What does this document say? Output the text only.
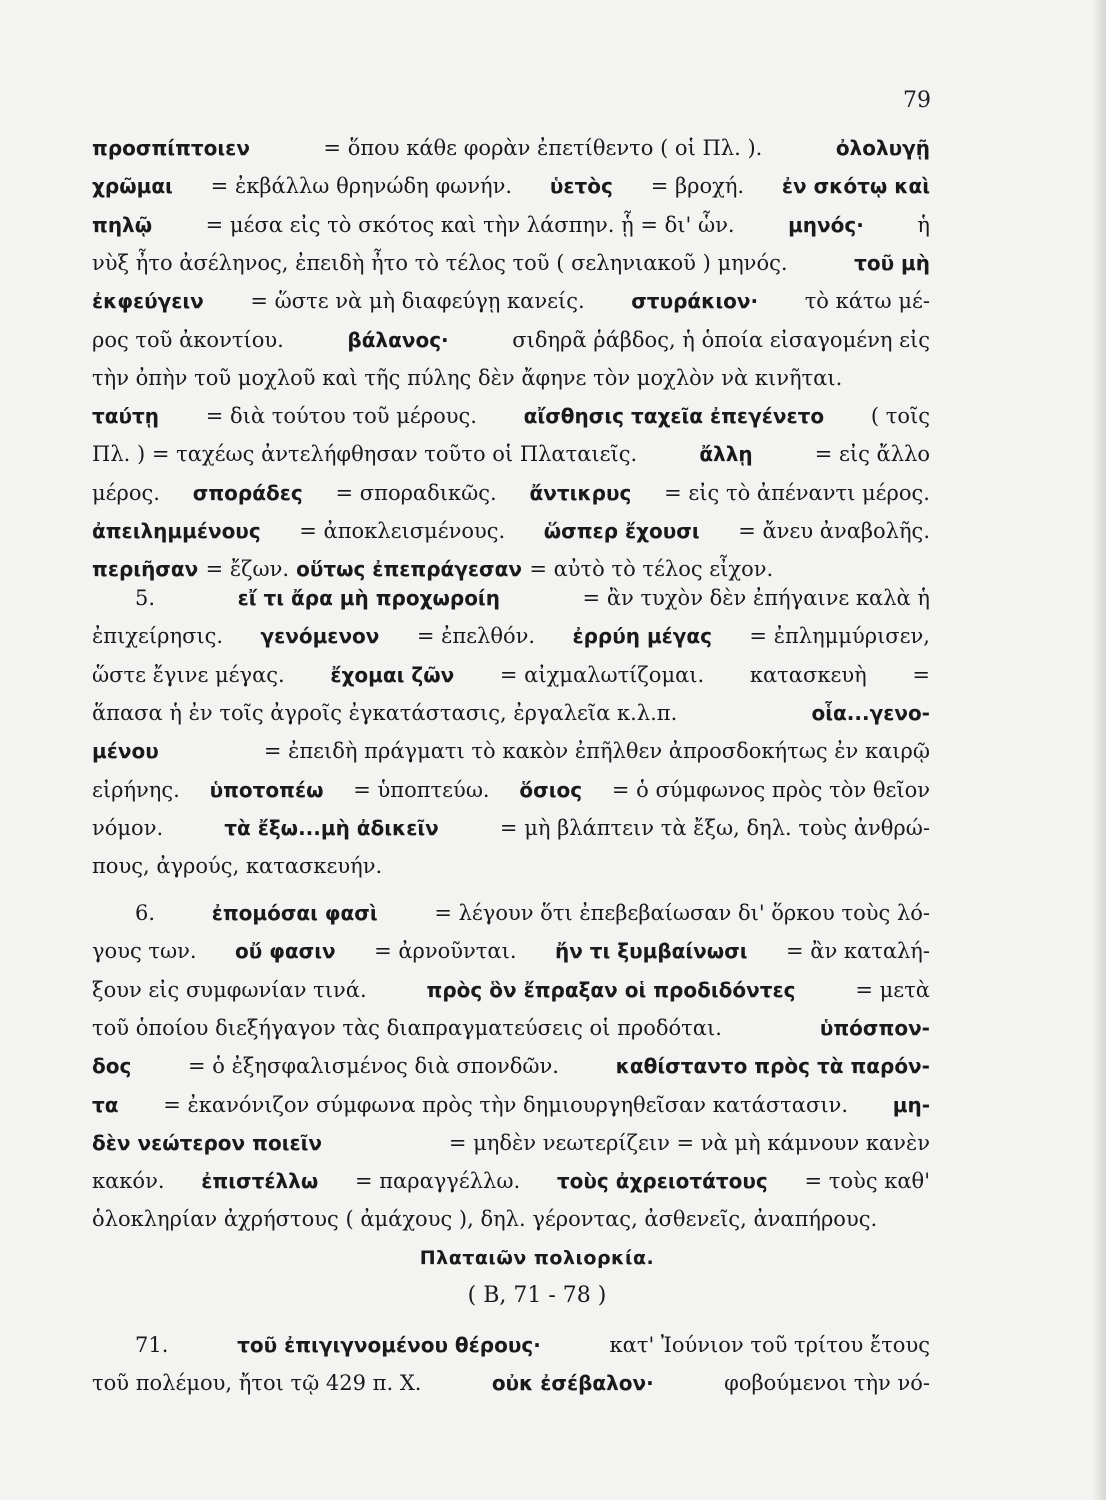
79
προσπίπτοιεν	= ὅπου κάθε φορὰν ἐπετίθεντο ( οἱ Πλ. ).	ὀλολυγῇ
χρῶμαι = ἐκβάλλω θρηνώδη φωνήν. ὑετὸς = βροχή. ἐν σκότῳ καὶ
πηλῷ	= μέσα εἰς τὸ σκότος καὶ τὴν λάσπην. ᾗ = δι' ὧν.	μηνός·	ἡ
νὺξ ἦτο ἀσέληνος, ἐπειδὴ ἦτο τὸ τέλος τοῦ ( σεληνιακοῦ ) μηνός.	τοῦ μὴ
ἐκφεύγειν = ὥστε νὰ μὴ διαφεύγῃ κανείς. στυράκιον· τὸ κάτω μέ-
ρος τοῦ ἀκοντίου.	βάλανος·	σιδηρᾶ ῥάβδος, ἡ ὁποία εἰσαγομένη εἰς
τὴν ὀπὴν τοῦ μοχλοῦ καὶ τῆς πύλης δὲν ἄφηνε τὸν μοχλὸν νὰ κινῆται.
ταύτῃ = διὰ τούτου τοῦ μέρους. αἴσθησις ταχεῖα ἐπεγένετο ( τοῖς
Πλ. ) = ταχέως ἀντελήφθησαν τοῦτο οἱ Πλαταιεῖς.	ἄλλῃ	= εἰς ἄλλο
μέρος. σποράδες = σποραδικῶς. ἄντικρυς = εἰς τὸ ἀπέναντι μέρος.
ἀπειλημμένους = ἀποκλεισμένους. ὥσπερ ἔχουσι = ἄνευ ἀναβολῆς.
περιῆσαν = ἔζων. οὕτως ἐπεπράγεσαν = αὐτὸ τὸ τέλος εἶχον.
5.	εἴ τι ἄρα μὴ προχωροίη	= ἂν τυχὸν δὲν ἐπήγαινε καλὰ ἡ
ἐπιχείρησις. γενόμενον = ἐπελθόν. ἐρρύη μέγας = ἐπλημμύρισεν,
ὥστε ἔγινε μέγας. ἔχομαι ζῶν = αἰχμαλωτίζομαι. κατασκευὴ =
ἅπασα ἡ ἐν τοῖς ἀγροῖς ἐγκατάστασις, ἐργαλεῖα κ.λ.π.	οἷα...γενο-
μένου	= ἐπειδὴ πράγματι τὸ κακὸν ἐπῆλθεν ἀπροσδοκήτως ἐν καιρῷ
εἰρήνης. ὑποτοπέω = ὑποπτεύω. ὅσιος = ὁ σύμφωνος πρὸς τὸν θεῖον
νόμον.	τὰ ἔξω...μὴ ἀδικεῖν	= μὴ βλάπτειν τὰ ἔξω, δηλ. τοὺς ἀνθρώ-
πους, ἀγρούς, κατασκευήν.
6.	ἐπομόσαι φασὶ	= λέγουν ὅτι ἐπεβεβαίωσαν δι' ὅρκου τοὺς λό-
γους των. οὔ φασιν = ἀρνοῦνται. ἤν τι ξυμβαίνωσι = ἂν καταλή-
ξουν εἰς συμφωνίαν τινά.	πρὸς ὃν ἔπραξαν οἱ προδιδόντες	= μετὰ
τοῦ ὁποίου διεξήγαγον τὰς διαπραγματεύσεις οἱ προδόται.	ὑπόσπον-
δος	= ὁ ἐξησφαλισμένος διὰ σπονδῶν.	καθίσταντο πρὸς τὰ παρόν-
τα = ἐκανόνιζον σύμφωνα πρὸς τὴν δημιουργηθεῖσαν κατάστασιν. μη-
δὲν νεώτερον ποιεῖν	= μηδὲν νεωτερίζειν = νὰ μὴ κάμνουν κανὲν
κακόν. ἐπιστέλλω = παραγγέλλω. τοὺς ἀχρειοτάτους = τοὺς καθ'
ὁλοκληρίαν ἀχρήστους ( ἀμάχους ), δηλ. γέροντας, ἀσθενεῖς, ἀναπήρους.
71.	τοῦ ἐπιγιγνομένου θέρους·	κατ' Ἰούνιον τοῦ τρίτου ἔτους
τοῦ πολέμου, ἤτοι τῷ 429 π. Χ.	οὐκ ἐσέβαλον·	φοβούμενοι τὴν νό-
Πλαταιῶν πολιορκία.
( Β, 71 - 78 )
